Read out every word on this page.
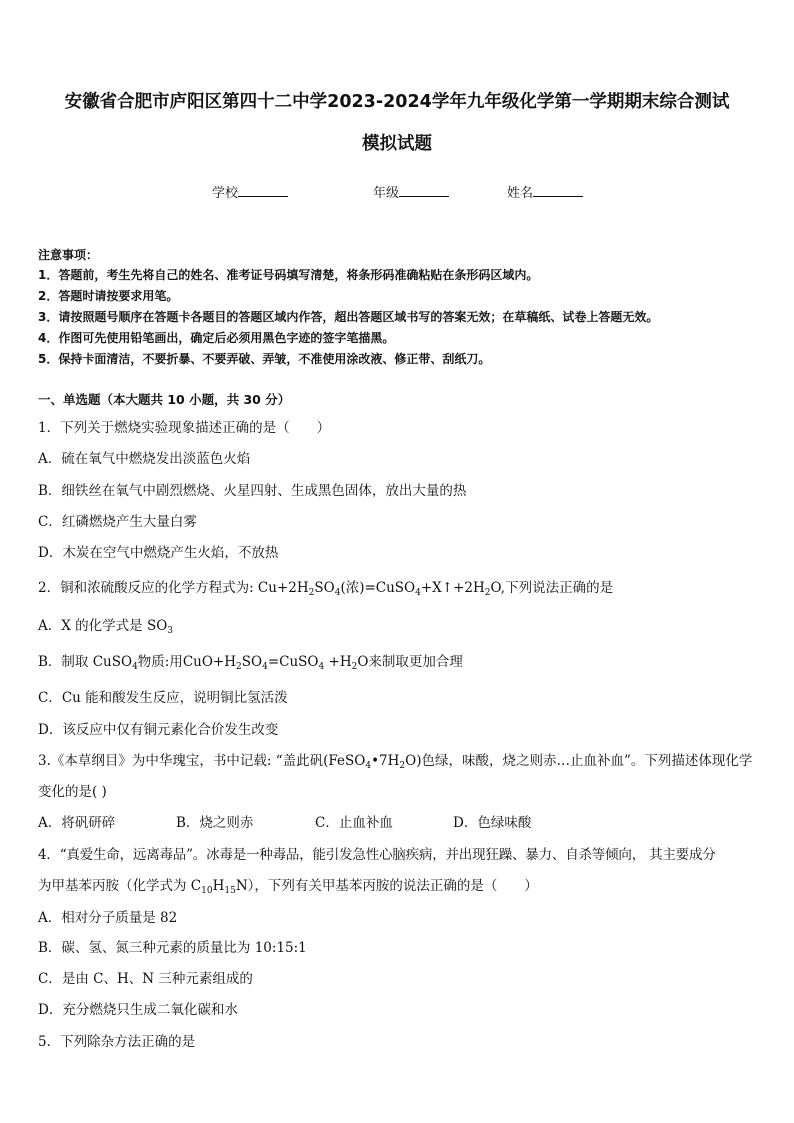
安徽省合肥市庐阳区第四十二中学2023-2024学年九年级化学第一学期期末综合测试
模拟试题
学校	年级	姓名
注意事项：
1．答题前，考生先将自己的姓名、准考证号码填写清楚，将条形码准确粘贴在条形码区域内。
2．答题时请按要求用笔。
3．请按照题号顺序在答题卡各题目的答题区域内作答，超出答题区域书写的答案无效；在草稿纸、试卷上答题无效。
4．作图可先使用铅笔画出，确定后必须用黑色字迹的签字笔描黑。
5．保持卡面清洁，不要折暴、不要弄破、弄皱，不准使用涂改液、修正带、刮纸刀。
一、单选题（本大题共 10 小题，共 30 分）
1．下列关于燃烧实验现象描述正确的是（　　）
A．硫在氧气中燃烧发出淡蓝色火焰
B．细铁丝在氧气中剧烈燃烧、火星四射、生成黑色固体，放出大量的热
C．红磷燃烧产生大量白雾
D．木炭在空气中燃烧产生火焰，不放热
2．铜和浓硫酸反应的化学方程式为: $Cu+2H_2SO_4$(浓)$=CuSO_4+X↑+2H_2O$,下列说法正确的是
A．X 的化学式是 $SO_3$
B．制取 CuSO$_4$物质:用$CuO+H_2SO_4=CuSO_4 +H_2O$来制取更加合理
C．Cu 能和酸发生反应，说明铜比氢活泼
D．该反应中仅有铜元素化合价发生改变
3.《本草纲目》为中华瑰宝，书中记载: “盖此矾$(FeSO_4•7H_2O)$色绿，味酸，烧之则赤…止血补血”。下列描述体现化学
变化的是( )
A．将矾研碎	B．烧之则赤	C．止血补血	D．色绿味酸
4．“真爱生命，远离毒品”。冰毒是一种毒品，能引发急性心脑疾病，并出现狂躁、暴力、自杀等倾向， 其主要成分
为甲基苯丙胺（化学式为 $C_{10}H_{15}N$），下列有关甲基苯丙胺的说法正确的是（　　）
A．相对分子质量是 82
B．碳、氢、氮三种元素的质量比为 10:15:1
C．是由 C、H、N 三种元素组成的
D．充分燃烧只生成二氧化碳和水
5．下列除杂方法正确的是
